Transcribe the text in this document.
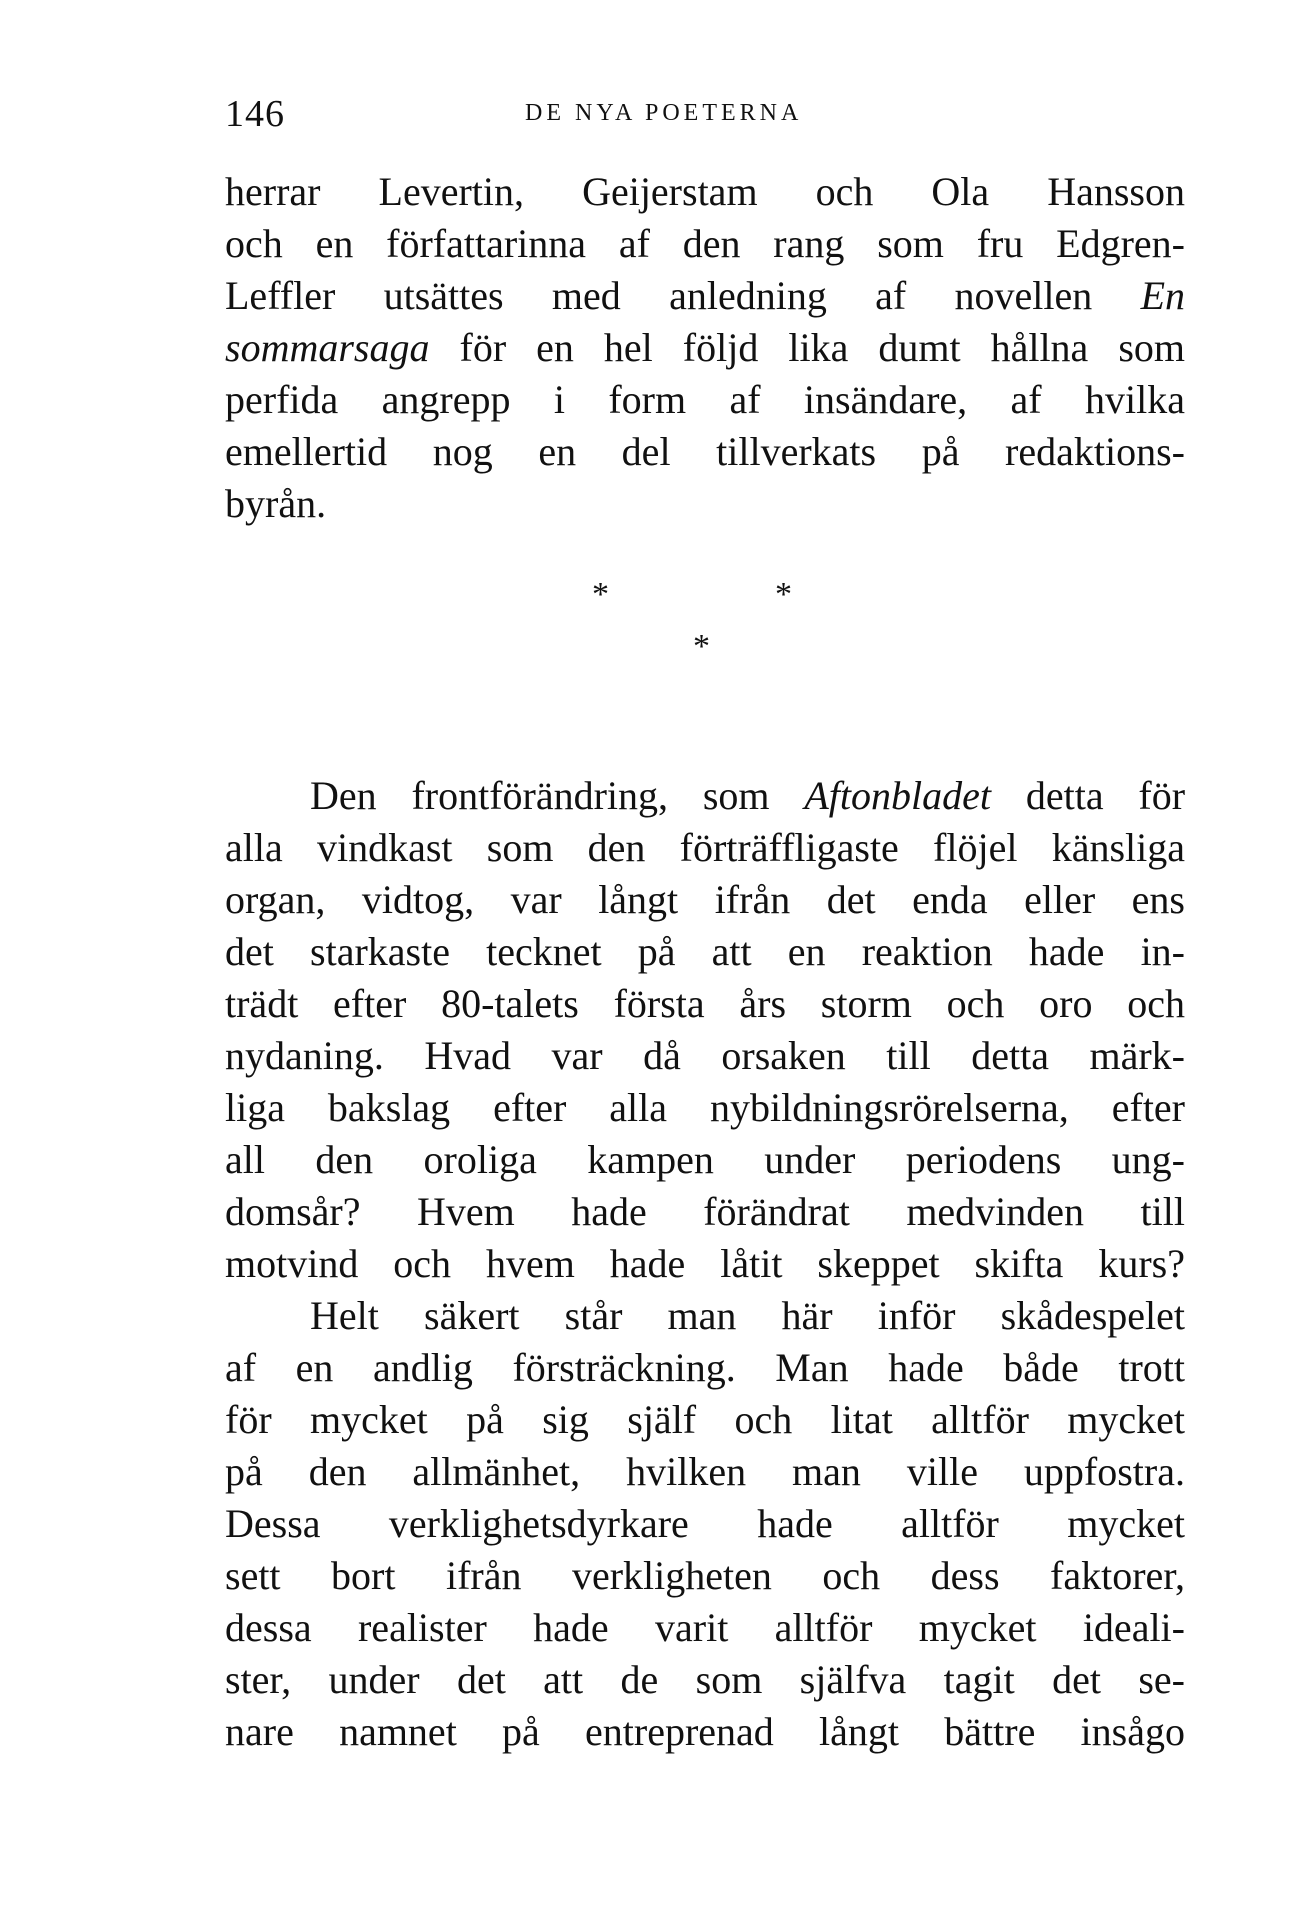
146	DE NYA POETERNA
herrar Levertin, Geijerstam och Ola Hansson
och en författarinna af den rang som fru Edgren-
Leffler utsättes med anledning af novellen En
sommarsaga för en hel följd lika dumt hållna som
perfida angrepp i form af insändare, af hvilka
emellertid nog en del tillverkats på redaktions-
byrån.
*	*
*
Den frontförändring, som Aftonbladet detta för
alla vindkast som den förträffligaste flöjel känsliga
organ, vidtog, var långt ifrån det enda eller ens
det starkaste tecknet på att en reaktion hade in-
trädt efter 80-talets första års storm och oro och
nydaning. Hvad var då orsaken till detta märk-
liga bakslag efter alla nybildningsrörelserna, efter
all den oroliga kampen under periodens ung-
domsår? Hvem hade förändrat medvinden till
motvind och hvem hade låtit skeppet skifta kurs?
Helt säkert står man här inför skådespelet
af en andlig försträckning. Man hade både trott
för mycket på sig själf och litat alltför mycket
på den allmänhet, hvilken man ville uppfostra.
Dessa verklighetsdyrkare hade alltför mycket
sett bort ifrån verkligheten och dess faktorer,
dessa realister hade varit alltför mycket ideali-
ster, under det att de som själfva tagit det se-
nare namnet på entreprenad långt bättre insågo
